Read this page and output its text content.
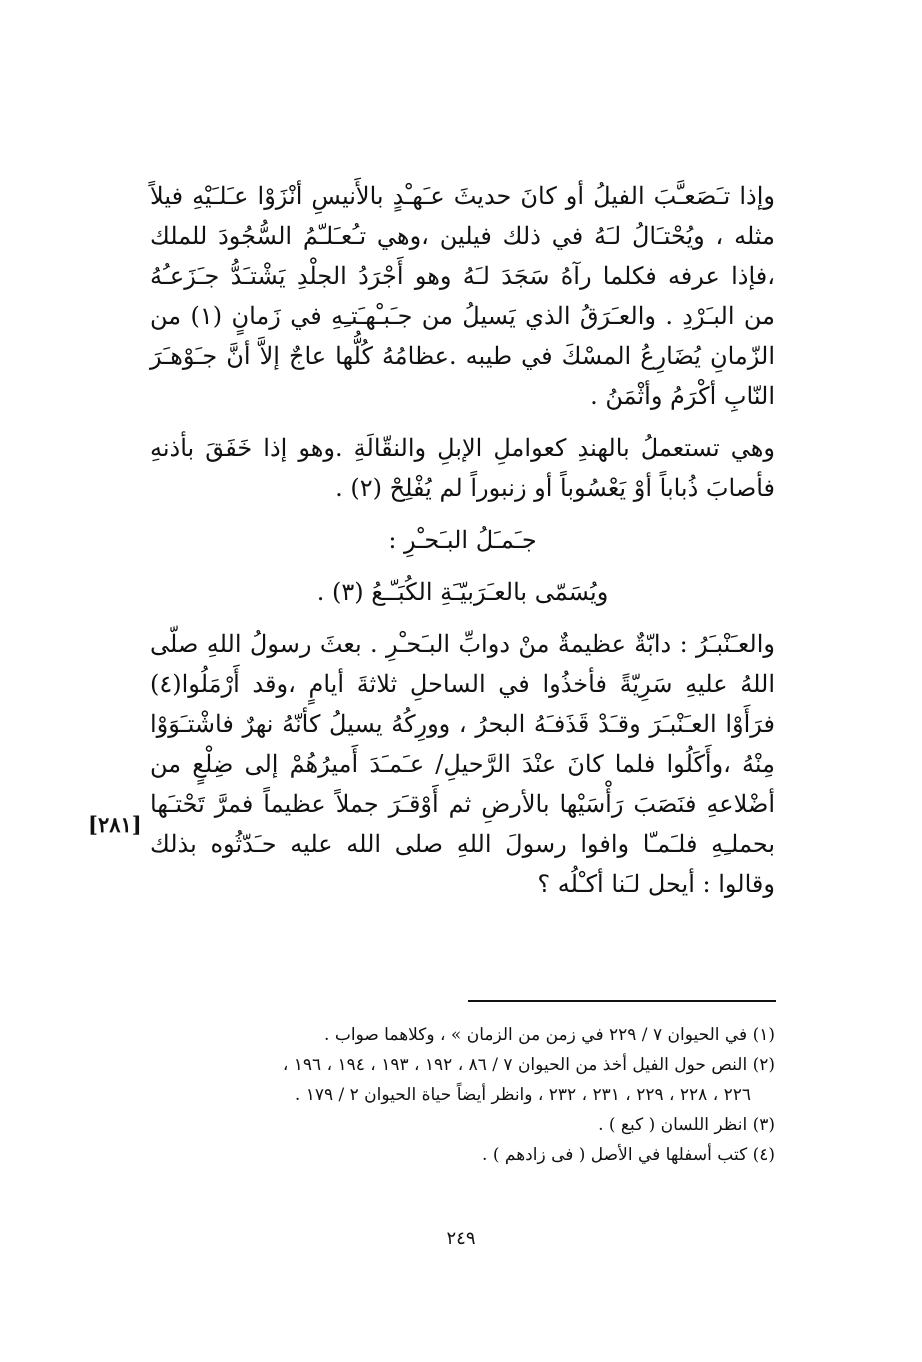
وإذا تـَصَعـَّبَ الفيلُ أو كانَ حديثَ عـَهـْدٍ بالأَنيسِ أنْزَوْا عـَلـَيْهِ فيلاً مثله ، ويُحْتـَالُ لـَهُ في ذلك فيلين ،وهي تـُعـَلـّمُ السُّجُودَ للملك ،فإذا عرفه فكلما رآهُ سَجَدَ لـَهُ وهو أَجْرَدُ الجلْدِ يَشْتـَدُّ جـَزَعـُهُ من البـَرْدِ . والعـَرَقُ الذي يَسيلُ من جـَبـْهـَتـِهِ في زَمانٍ (١) من الزّمانِ يُضَارِعُ المسْكَ في طيبه .عظامُهُ كُلُّها عاجٌ إلاَّ أنَّ جـَوْهـَرَ النّابِ أكْرَمُ وأثْمَنُ .

وهي تستعملُ بالهندِ كعواملِ الإبلِ والنقّالَةِ .وهو إذا خَفَقَ بأذنهِ فأصابَ ذُباباً أوْ يَعْسُوباً أو زنبوراً لم يُفْلِحْ (٢) .

جـَمـَلُ البـَحـْرِ :

ويُسَمّى بالعـَرَبيّـَةِ الكُبَـّـعُ (٣) .

والعـَنْبـَرُ : دابّةٌ عظيمةٌ منْ دوابِّ البـَحـْرِ . بعثَ رسولُ اللهِ صلّى اللهُ عليهِ سَرِيّةً فأخذُوا في الساحلِ ثلاثةَ أيامٍ ،وقد أَرْمَلُوا(٤) فرَأَوْا العـَنْبـَرَ وقـَدْ قَذَفـَهُ البحرُ ، وورِكُهُ يسيلُ كأنّهُ نهرٌ فاشْتـَوَوْا مِنْهُ ،وأَكَلُوا فلما كانَ عنْدَ الرَّحيلِ/ عـَمـَدَ أَميرُهُمْ إلى ضِلْعٍ من أضْلاعهِ فنَصَبَ رَأْسَيْها بالأرضِ ثم أَوْقـَرَ جملاً عظيماً فمرَّ تَحْتـَها بحملـِهِ فلـَمـّا وافوا رسولَ اللهِ صلى الله عليه حـَدّثُوه بذلك وقالوا : أيحل لـَنا أكـْلُه ؟

[٢٨١]

(١) في الحيوان ٧ / ٢٢٩ في زمن من الزمان » ، وكلاهما صواب .

(٢) النص حول الفيل أخذ من الحيوان ٧ / ٨٦ ، ١٩٢ ، ١٩٣ ، ١٩٤ ، ١٩٦ ،

٢٢٦ ، ٢٢٨ ، ٢٢٩ ، ٢٣١ ، ٢٣٢ ، وانظر أيضاً حياة الحيوان ٢ / ١٧٩ .

(٣) انظر اللسان ( كبع ) .

(٤) كتب أسفلها في الأصل ( فى زادهم ) .

٢٤٩
